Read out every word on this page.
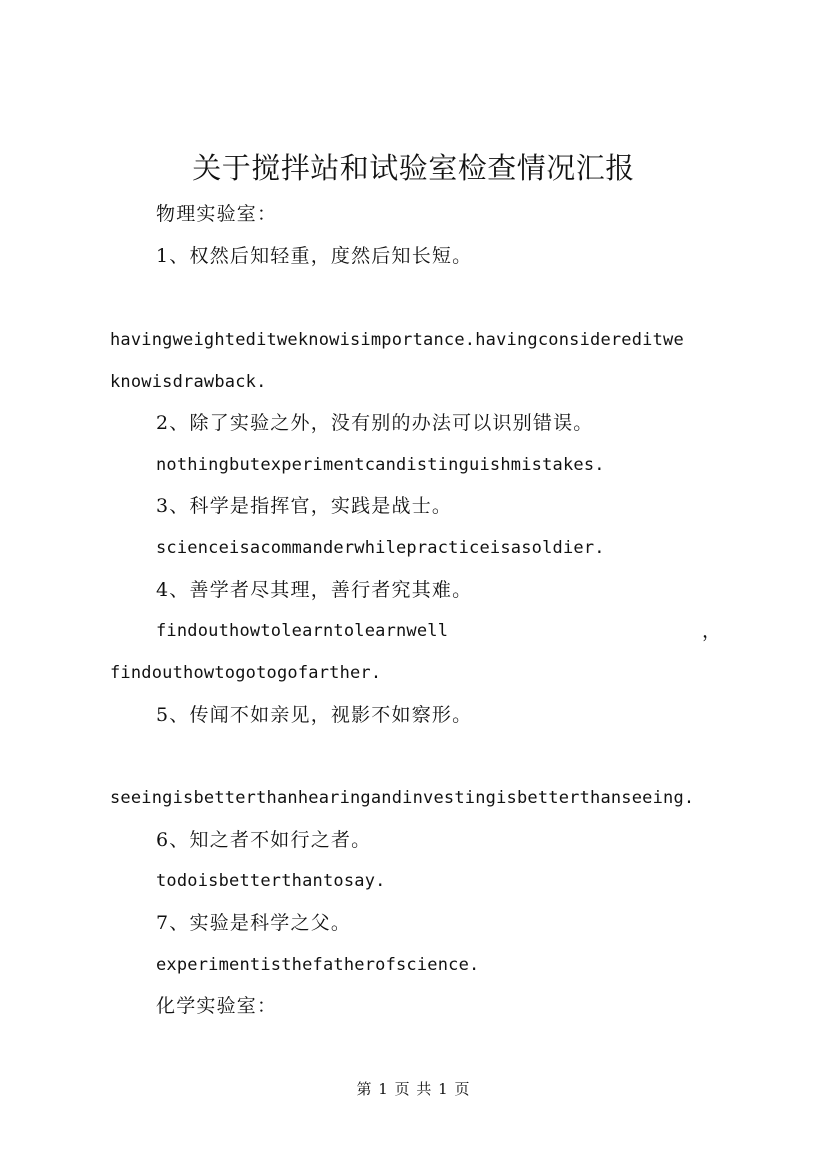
关于搅拌站和试验室检查情况汇报
物理实验室：
1、权然后知轻重，度然后知长短。
havingweighteditweknowisimportance.havingconsidereditwe
knowisdrawback.
2、除了实验之外，没有别的办法可以识别错误。
nothingbutexperimentcandistinguishmistakes.
3、科学是指挥官，实践是战士。
scienceisacommanderwhilepracticeisasoldier.
4、善学者尽其理，善行者究其难。
findouthowtolearntolearnwell	，
findouthowtogotogofarther.
5、传闻不如亲见，视影不如察形。
seeingisbetterthanhearingandinvestingisbetterthanseeing.
6、知之者不如行之者。
todoisbetterthantosay.
7、实验是科学之父。
experimentisthefatherofscience.
化学实验室：
第 1 页 共 1 页
